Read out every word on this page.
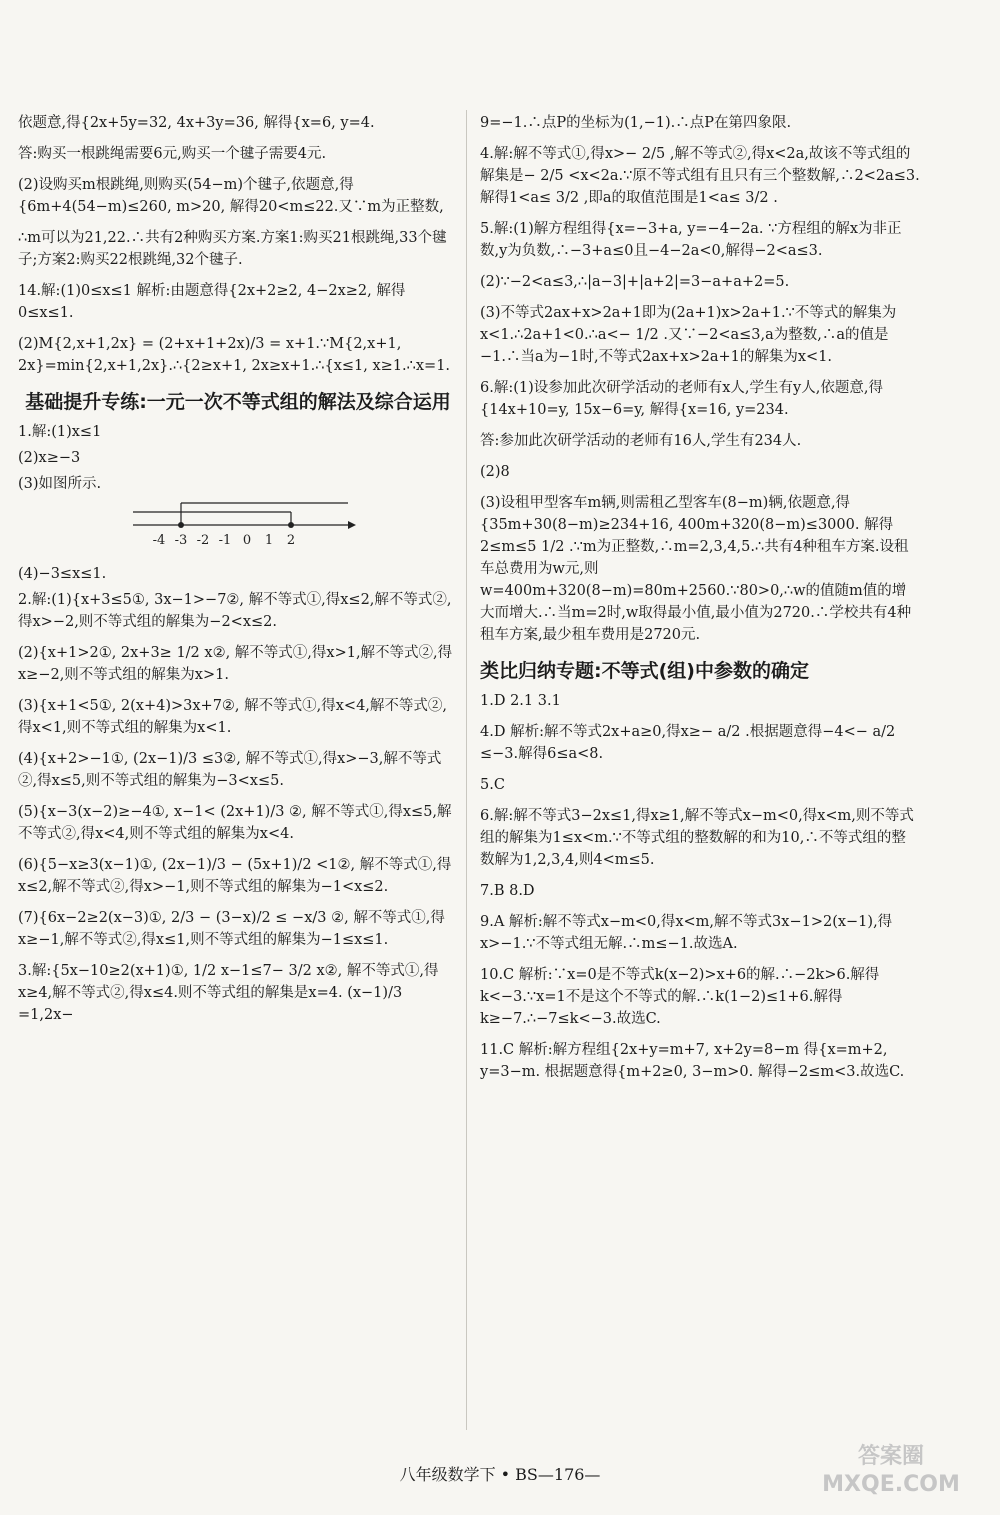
依题意,得{2x+5y=32, 4x+3y=36, 解得{x=6, y=4.
答:购买一根跳绳需要6元,购买一个毽子需要4元.
(2)设购买m根跳绳,则购买(54−m)个毽子,依题意,得{6m+4(54−m)≤260, m>20, 解得20<m≤22.又∵m为正整数,
∴m可以为21,22.∴共有2种购买方案.方案1:购买21根跳绳,33个毽子;方案2:购买22根跳绳,32个毽子.
14.解:(1)0≤x≤1 解析:由题意得{2x+2≥2, 4−2x≥2, 解得0≤x≤1.
(2)M{2,x+1,2x} = (2+x+1+2x)/3 = x+1.∵M{2,x+1, 2x}=min{2,x+1,2x}.∴{2≥x+1, 2x≥x+1.∴{x≤1, x≥1.∴x=1.
基础提升专练:一元一次不等式组的解法及综合运用
1.解:(1)x≤1
(2)x≥−3
(3)如图所示.
-4 -3 -2 -1 0 1 2
(4)−3≤x≤1.
2.解:(1){x+3≤5①, 3x−1>−7②, 解不等式①,得x≤2,解不等式②,得x>−2,则不等式组的解集为−2<x≤2.
(2){x+1>2①, 2x+3≥ 1/2 x②, 解不等式①,得x>1,解不等式②,得x≥−2,则不等式组的解集为x>1.
(3){x+1<5①, 2(x+4)>3x+7②, 解不等式①,得x<4,解不等式②,得x<1,则不等式组的解集为x<1.
(4){x+2>−1①, (2x−1)/3 ≤3②, 解不等式①,得x>−3,解不等式②,得x≤5,则不等式组的解集为−3<x≤5.
(5){x−3(x−2)≥−4①, x−1< (2x+1)/3 ②, 解不等式①,得x≤5,解不等式②,得x<4,则不等式组的解集为x<4.
(6){5−x≥3(x−1)①, (2x−1)/3 − (5x+1)/2 <1②, 解不等式①,得x≤2,解不等式②,得x>−1,则不等式组的解集为−1<x≤2.
(7){6x−2≥2(x−3)①, 2/3 − (3−x)/2 ≤ −x/3 ②, 解不等式①,得x≥−1,解不等式②,得x≤1,则不等式组的解集为−1≤x≤1.
3.解:{5x−10≥2(x+1)①, 1/2 x−1≤7− 3/2 x②, 解不等式①,得x≥4,解不等式②,得x≤4.则不等式组的解集是x=4. (x−1)/3 =1,2x−
9=−1.∴点P的坐标为(1,−1).∴点P在第四象限.
4.解:解不等式①,得x>− 2/5 ,解不等式②,得x<2a,故该不等式组的解集是− 2/5 <x<2a.∵原不等式组有且只有三个整数解,∴2<2a≤3.解得1<a≤ 3/2 ,即a的取值范围是1<a≤ 3/2 .
5.解:(1)解方程组得{x=−3+a, y=−4−2a. ∵方程组的解x为非正数,y为负数,∴−3+a≤0且−4−2a<0,解得−2<a≤3.
(2)∵−2<a≤3,∴|a−3|+|a+2|=3−a+a+2=5.
(3)不等式2ax+x>2a+1即为(2a+1)x>2a+1.∵不等式的解集为x<1.∴2a+1<0.∴a<− 1/2 .又∵−2<a≤3,a为整数,∴a的值是−1.∴当a为−1时,不等式2ax+x>2a+1的解集为x<1.
6.解:(1)设参加此次研学活动的老师有x人,学生有y人,依题意,得{14x+10=y, 15x−6=y, 解得{x=16, y=234.
答:参加此次研学活动的老师有16人,学生有234人.
(2)8
(3)设租甲型客车m辆,则需租乙型客车(8−m)辆,依题意,得{35m+30(8−m)≥234+16, 400m+320(8−m)≤3000. 解得2≤m≤5 1/2 .∵m为正整数,∴m=2,3,4,5.∴共有4种租车方案.设租车总费用为w元,则w=400m+320(8−m)=80m+2560.∵80>0,∴w的值随m值的增大而增大.∴当m=2时,w取得最小值,最小值为2720.∴学校共有4种租车方案,最少租车费用是2720元.
类比归纳专题:不等式(组)中参数的确定
1.D 2.1 3.1
4.D 解析:解不等式2x+a≥0,得x≥− a/2 .根据题意得−4<− a/2 ≤−3.解得6≤a<8.
5.C
6.解:解不等式3−2x≤1,得x≥1,解不等式x−m<0,得x<m,则不等式组的解集为1≤x<m.∵不等式组的整数解的和为10,∴不等式组的整数解为1,2,3,4,则4<m≤5.
7.B 8.D
9.A 解析:解不等式x−m<0,得x<m,解不等式3x−1>2(x−1),得x>−1.∵不等式组无解.∴m≤−1.故选A.
10.C 解析:∵x=0是不等式k(x−2)>x+6的解.∴−2k>6.解得k<−3.∵x=1不是这个不等式的解.∴k(1−2)≤1+6.解得k≥−7.∴−7≤k<−3.故选C.
11.C 解析:解方程组{2x+y=m+7, x+2y=8−m 得{x=m+2, y=3−m. 根据题意得{m+2≥0, 3−m>0. 解得−2≤m<3.故选C.
八年级数学下 • BS—176—
答案圈
MXQE.COM
